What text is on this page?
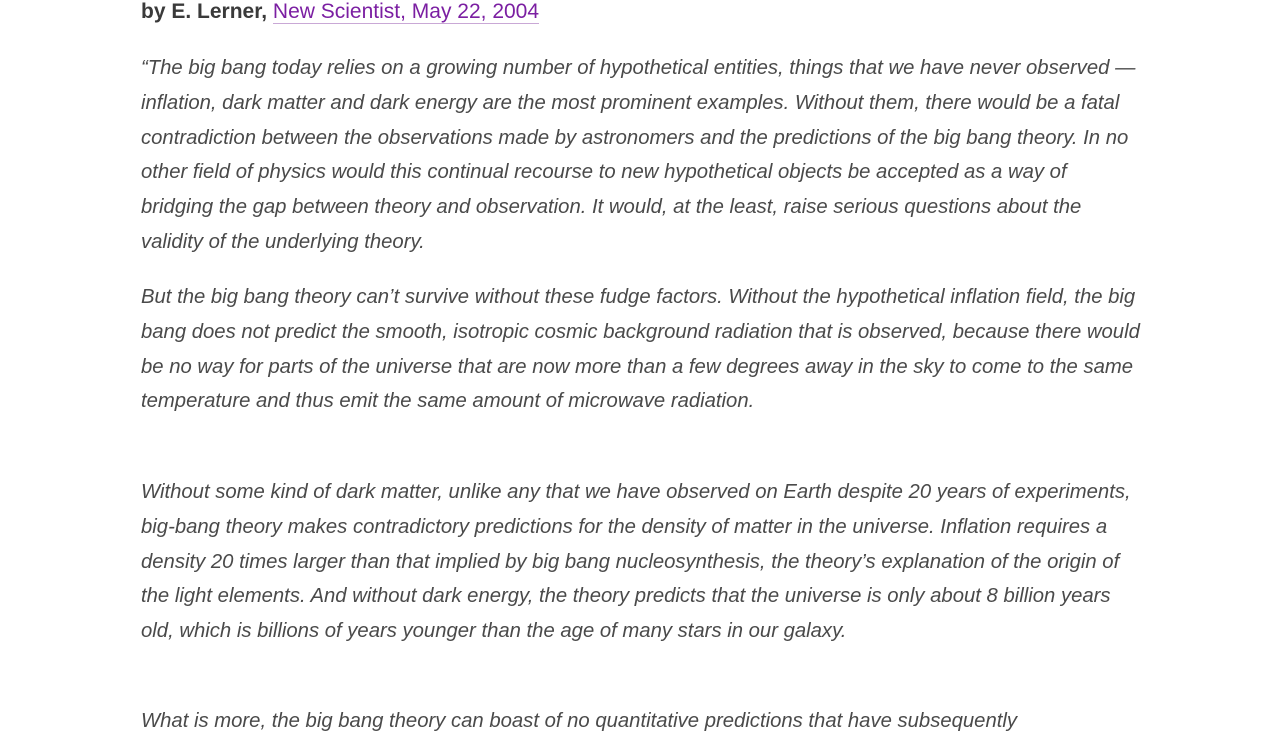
by E. Lerner, New Scientist, May 22, 2004

“The big bang today relies on a growing number of hypothetical entities, things that we have never observed — inflation, dark matter and dark energy are the most prominent examples. Without them, there would be a fatal contradiction between the observations made by astronomers and the predictions of the big bang theory. In no other field of physics would this continual recourse to new hypothetical objects be accepted as a way of bridging the gap between theory and observation. It would, at the least, raise serious questions about the validity of the underlying theory.

But the big bang theory can’t survive without these fudge factors. Without the hypothetical inflation field, the big bang does not predict the smooth, isotropic cosmic background radiation that is observed, because there would be no way for parts of the universe that are now more than a few degrees away in the sky to come to the same temperature and thus emit the same amount of microwave radiation.

Without some kind of dark matter, unlike any that we have observed on Earth despite 20 years of experiments, big-bang theory makes contradictory predictions for the density of matter in the universe. Inflation requires a density 20 times larger than that implied by big bang nucleosynthesis, the theory’s explanation of the origin of the light elements. And without dark energy, the theory predicts that the universe is only about 8 billion years old, which is billions of years younger than the age of many stars in our galaxy.

What is more, the big bang theory can boast of no quantitative predictions that have subsequently
